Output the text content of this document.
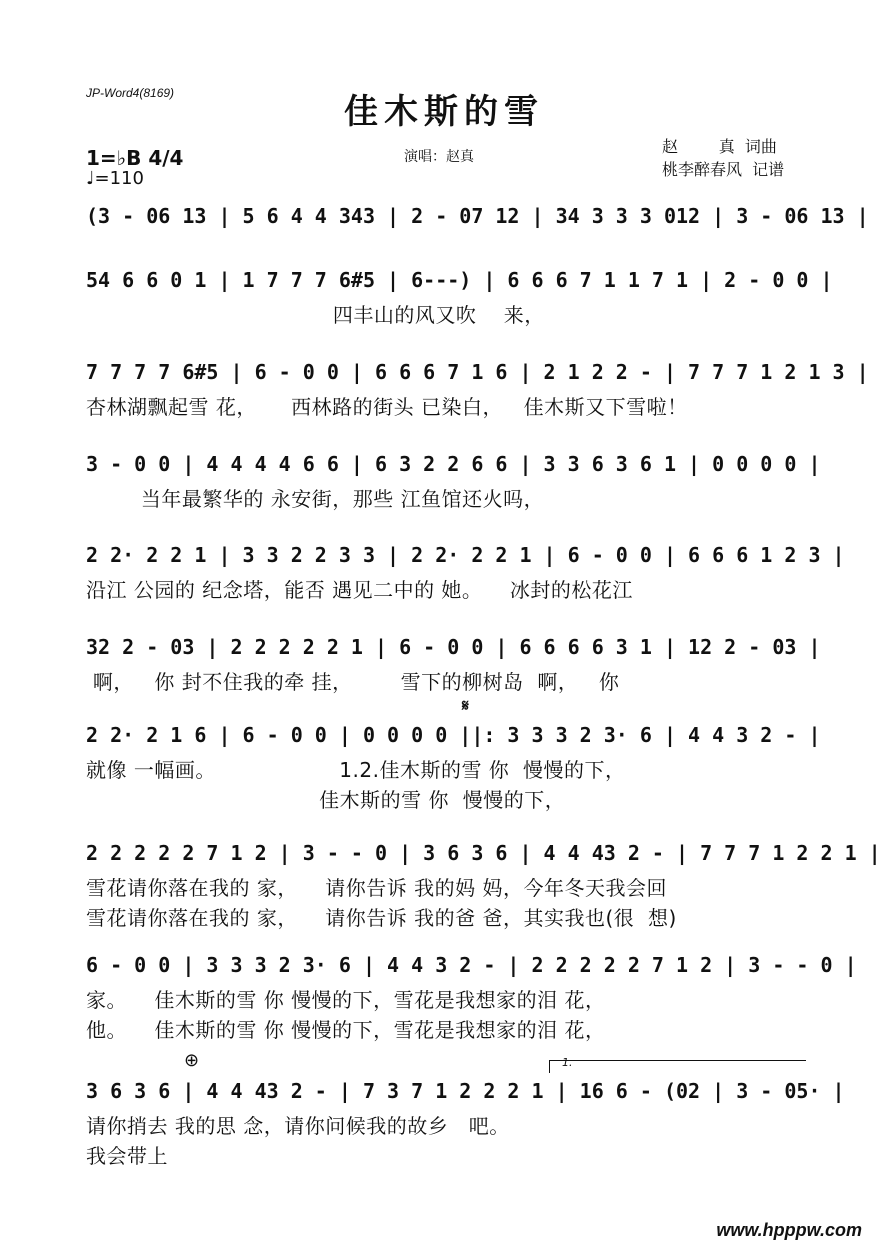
JP-Word4(8169)	佳木斯的雪
1=♭B 4/4
♩=110
演唱：赵真
赵        真  词曲
桃李醉春风  记谱
(3 - 06 13 | 5 6 4 4 343 | 2 - 07 12 | 34 3 3 3 012 | 3 - 06 13 |
54 6 6 0 1 | 1 7 7 7 6#5 | 6---) | 6 6 6 7 1 1 7 1 | 2 - 0 0 |
四丰山的风又吹    来，
7 7 7 7 6#5 | 6 - 0 0 | 6 6 6 7 1 6 | 2 1 2 2 - | 7 7 7 1 2 1 3 |
杏林湖飘起雪 花，     西林路的街头 已染白，   佳木斯又下雪啦！
3 - 0 0 | 4 4 4 4 6 6 | 6 3 2 2 6 6 | 3 3 6 3 6 1 | 0 0 0 0 |
当年最繁华的 永安街，那些 江鱼馆还火吗，
2 2· 2 2 1 | 3 3 2 2 3 3 | 2 2· 2 2 1 | 6 - 0 0 | 6 6 6 1 2 3 |
沿江 公园的 纪念塔，能否 遇见二中的 她。    冰封的松花江
32 2 - 03 | 2 2 2 2 2 1 | 6 - 0 0 | 6 6 6 6 3 1 | 12 2 - 03 |
啊，   你 封不住我的牵 挂，       雪下的柳树岛  啊，   你
𝄋
2 2· 2 1 6 | 6 - 0 0 | 0 0 0 0 ||: 3 3 3 2 3· 6 | 4 4 3 2 - |
就像 一幅画。                  1.2.佳木斯的雪 你  慢慢的下，
佳木斯的雪 你  慢慢的下，
2 2 2 2 2 7 1 2 | 3 - - 0 | 3 6 3 6 | 4 4 43 2 - | 7 7 7 1 2 2 1 |
雪花请你落在我的 家，    请你告诉 我的妈 妈，今年冬天我会回
雪花请你落在我的 家，    请你告诉 我的爸 爸，其实我也(很  想)
6 - 0 0 | 3 3 3 2 3· 6 | 4 4 3 2 - | 2 2 2 2 2 7 1 2 | 3 - - 0 |
家。    佳木斯的雪 你 慢慢的下，雪花是我想家的泪 花，
他。    佳木斯的雪 你 慢慢的下，雪花是我想家的泪 花，
⊕	1.
3 6 3 6 | 4 4 43 2 - | 7 3 7 1 2 2 2 1 | 16 6 - (02 | 3 - 05· |
请你捎去 我的思 念，请你问候我的故乡   吧。
我会带上
www.hpppw.com
